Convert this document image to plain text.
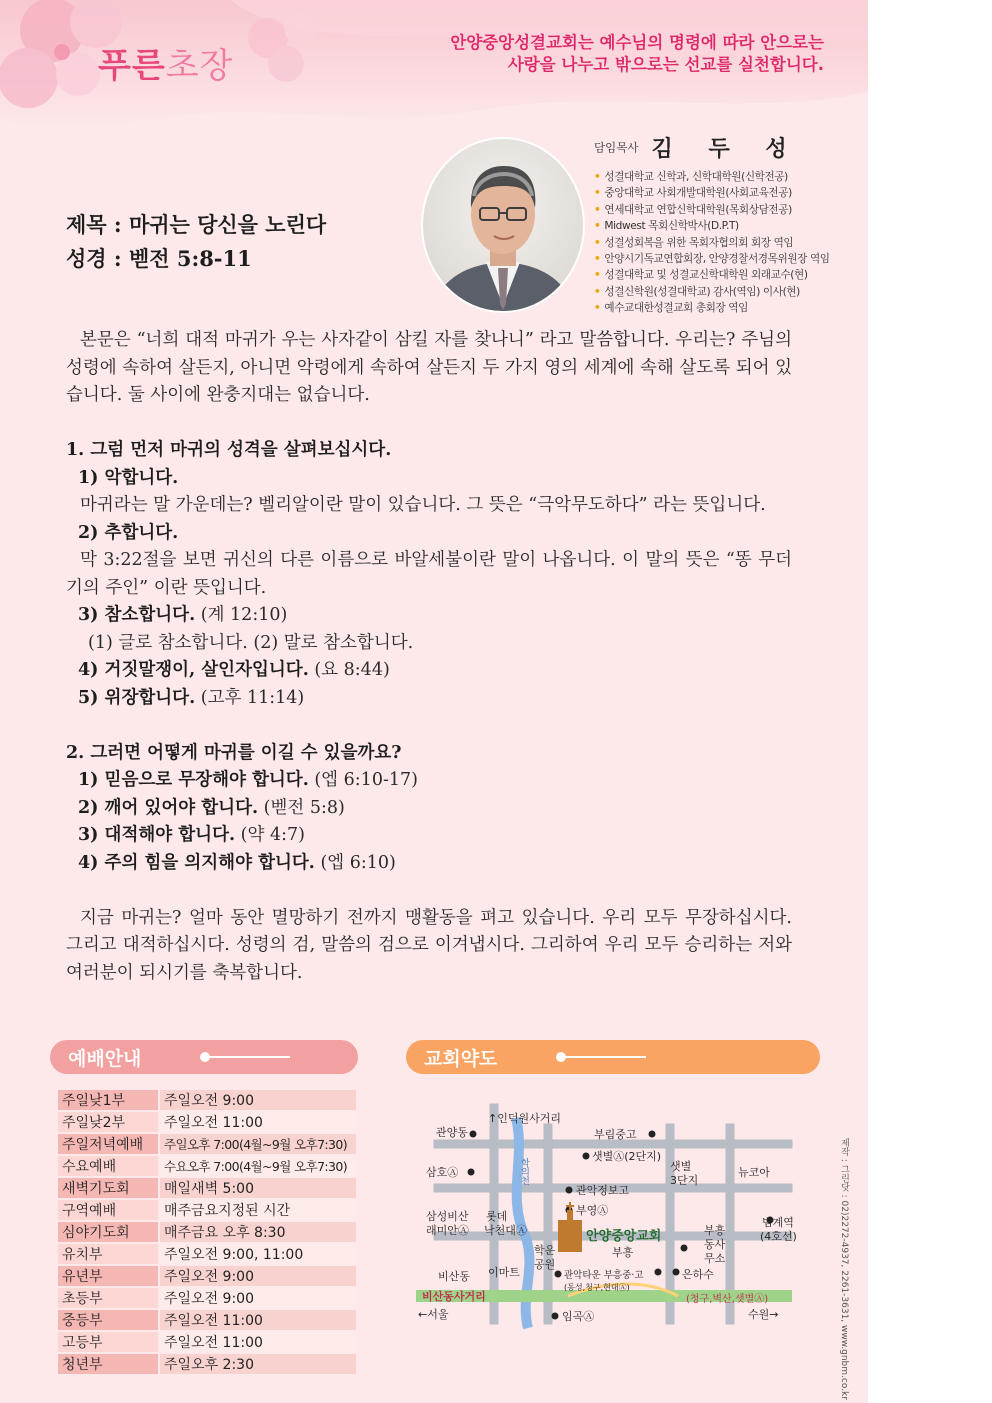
푸른초장
안양중앙성결교회는 예수님의 명령에 따라 안으로는
사랑을 나누고 밖으로는 선교를 실천합니다.
담임목사 김 두 성
• 성결대학교 신학과, 신학대학원(신학전공)
• 중앙대학교 사회개발대학원(사회교육전공)
• 연세대학교 연합신학대학원(목회상담전공)
• Midwest 목회신학박사(D.P.T)
• 성결성회복을 위한 목회자협의회 회장 역임
• 안양시기독교연합회장, 안양경찰서경목위원장 역임
• 성결대학교 및 성결교신학대학원 외래교수(현)
• 성결신학원(성결대학교) 감사(역임) 이사(현)
• 예수교대한성결교회 총회장 역임
제목 : 마귀는 당신을 노린다
성경 : 벧전 5:8-11

본문은 “너희 대적 마귀가 우는 사자같이 삼킬 자를 찾나니” 라고 말씀합니다. 우리는? 주님의 성령에 속하여 살든지, 아니면 악령에게 속하여 살든지 두 가지 영의 세계에 속해 살도록 되어 있습니다. 둘 사이에 완충지대는 없습니다.

1. 그럼 먼저 마귀의 성격을 살펴보십시다.

1) 악합니다.

마귀라는 말 가운데는? 벨리알이란 말이 있습니다. 그 뜻은 “극악무도하다” 라는 뜻입니다.

2) 추합니다.

막 3:22절을 보면 귀신의 다른 이름으로 바알세불이란 말이 나옵니다. 이 말의 뜻은 “똥 무더기의 주인” 이란 뜻입니다.

3) 참소합니다. (계 12:10)

(1) 글로 참소합니다. (2) 말로 참소합니다.

4) 거짓말쟁이, 살인자입니다. (요 8:44)

5) 위장합니다. (고후 11:14)

2. 그러면 어떻게 마귀를 이길 수 있을까요?

1) 믿음으로 무장해야 합니다. (엡 6:10-17)

2) 깨어 있어야 합니다. (벧전 5:8)

3) 대적해야 합니다. (약 4:7)

4) 주의 힘을 의지해야 합니다. (엡 6:10)

지금 마귀는? 얼마 동안 멸망하기 전까지 맹활동을 펴고 있습니다. 우리 모두 무장하십시다. 그리고 대적하십시다. 성령의 검, 말씀의 검으로 이겨냅시다. 그리하여 우리 모두 승리하는 저와 여러분이 되시기를 축복합니다.

예배안내
주일낮1부	주일오전 9:00
주일낮2부	주일오전 11:00
주일저녁예배	주일오후 7:00(4월~9월 오후7:30)
수요예배	수요오후 7:00(4월~9월 오후7:30)
새벽기도회	매일새벽 5:00
구역예배	매주금요지정된 시간
심야기도회	매주금요 오후 8:30
유치부	주일오전 9:00, 11:00
유년부	주일오전 9:00
초등부	주일오전 9:00
중등부	주일오전 11:00
고등부	주일오전 11:00
청년부	주일오후 2:30
교회약도
↑인덕원사거리
관양동	부림중고
샛별Ⓐ(2단지)
샛별
3단지
뉴코아
삼호Ⓐ	학의천
관악정보고
삼성비산
래미안Ⓐ
롯데
낙천대Ⓐ
부영Ⓐ
안양중앙교회
부흥
부흥
동사
무소
범계역
(4호선)
학운
공원
이마트
비산동	관악타운 부흥중·고
(동성,청구,현대Ⓐ)
은하수
비산동사거리	(청구,벽산,샛별Ⓐ)
←서울	임곡Ⓐ	수원→	제작 : 그린닷 : 02)2272-4937, 2261-3631, www.gnbm.co.kr
